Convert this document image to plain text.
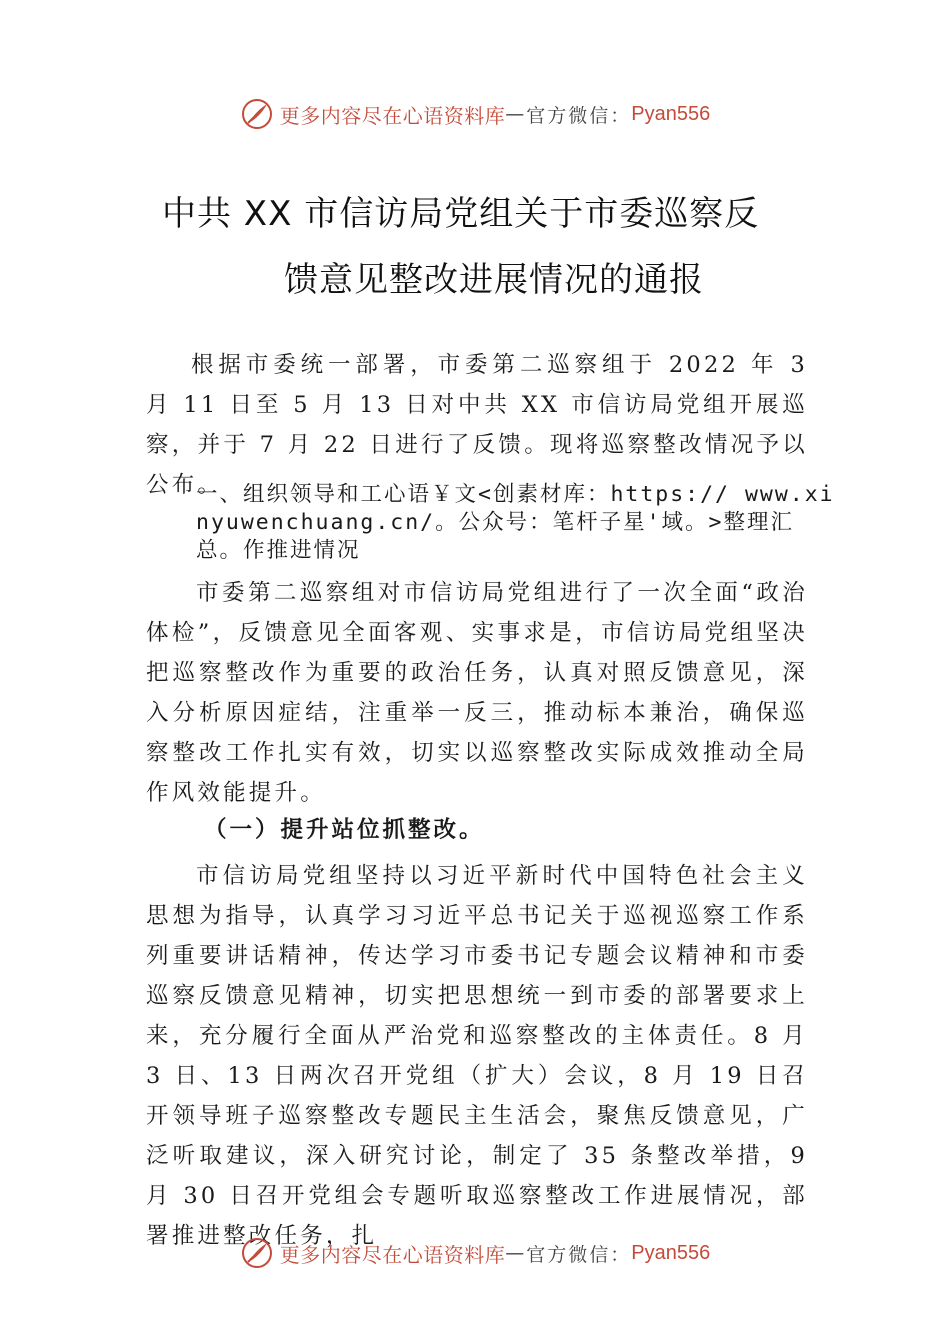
更多内容尽在心语资料库 — 官方微信： Pyan556
中共 XX 市信访局党组关于市委巡察反
馈意见整改进展情况的通报
根据市委统一部署，市委第二巡察组于 2022 年 3 月 11 日至 5 月 13 日对中共 XX 市信访局党组开展巡察，并于 7 月 22 日进行了反馈。现将巡察整改情况予以公布。
一、组织领导和工心语￥文<创素材库：https:// www.xinyuwenchuang.cn/。公众号：笔杆子星'域。>整理汇总。作推进情况
市委第二巡察组对市信访局党组进行了一次全面“政治体检”，反馈意见全面客观、实事求是，市信访局党组坚决把巡察整改作为重要的政治任务，认真对照反馈意见，深入分析原因症结，注重举一反三，推动标本兼治，确保巡察整改工作扎实有效，切实以巡察整改实际成效推动全局作风效能提升。
（一）提升站位抓整改。
市信访局党组坚持以习近平新时代中国特色社会主义思想为指导，认真学习习近平总书记关于巡视巡察工作系列重要讲话精神，传达学习市委书记专题会议精神和市委巡察反馈意见精神，切实把思想统一到市委的部署要求上来，充分履行全面从严治党和巡察整改的主体责任。8 月 3 日、13 日两次召开党组（扩大）会议，8 月 19 日召开领导班子巡察整改专题民主生活会，聚焦反馈意见，广泛听取建议，深入研究讨论，制定了 35 条整改举措，9 月 30 日召开党组会专题听取巡察整改工作进展情况，部署推进整改任务，扎
更多内容尽在心语资料库 — 官方微信： Pyan556
